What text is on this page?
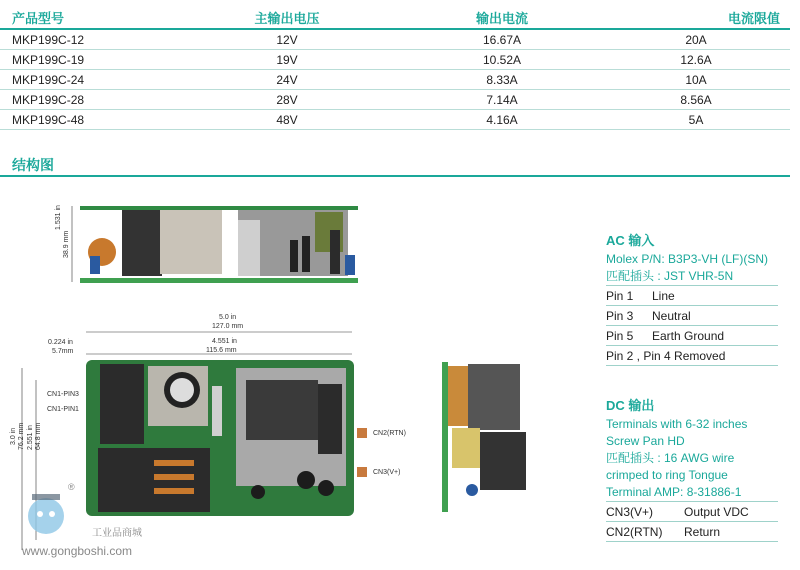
产品型号	主输出电压	输出电流	电流限值
MKP199C-12	12V	16.67A	20A
MKP199C-19	19V	10.52A	12.6A
MKP199C-24	24V	8.33A	10A
MKP199C-28	28V	7.14A	8.56A
MKP199C-48	48V	4.16A	5A
结构图
1.531 in
38.9 mm
5.0 in
127.0 mm
0.224 in
5.7mm
4.551 in
115.6 mm
3.0 in 76.2 mm 2.551 in 64.8 mm
CN1-PIN3
CN1-PIN1
CN2(RTN)
CN3(V+)
AC 输入
Molex P/N: B3P3-VH (LF)(SN)
匹配插头 : JST VHR-5N
Pin 1	Line
Pin 3	Neutral
Pin 5	Earth Ground
Pin 2 , Pin 4 Removed
DC 输出
Terminals with 6-32 inches
Screw Pan HD
匹配插头 : 16 AWG wire
crimped to ring Tongue
Terminal AMP: 8-31886-1
CN3(V+)	Output VDC
CN2(RTN)	Return
®
工业品商城
www.gongboshi.com
